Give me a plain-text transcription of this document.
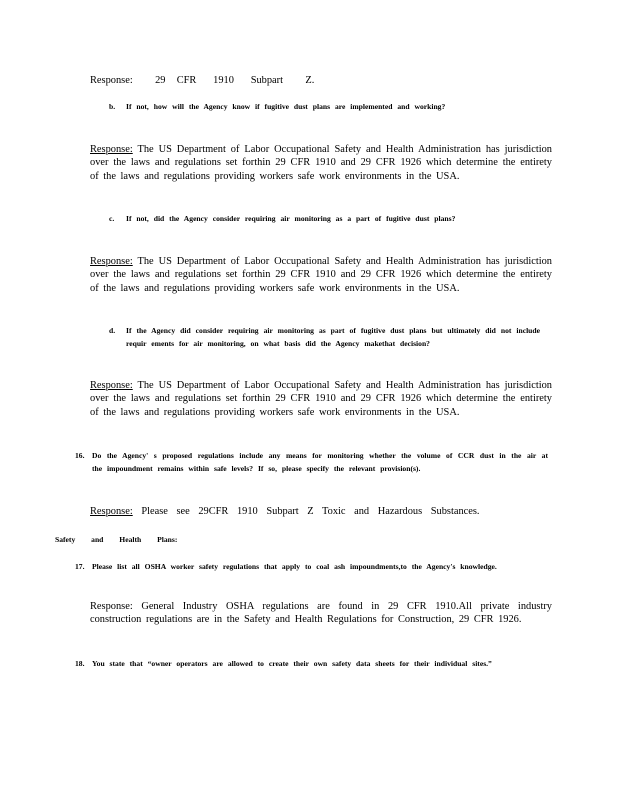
Response:    29  CFR   1910   Subpart    Z.

b. If not, how will the Agency know if fugitive dust plans are implemented and working?
Response: The US Department of Labor Occupational Safety and Health Administration has jurisdiction over the laws and regulations set forthin 29 CFR 1910 and 29 CFR 1926 which determine the entirety of the laws and regulations providing workers safe work environments in the USA.
c. If not, did the Agency consider requiring air monitoring as a part of fugitive dust plans?
Response: The US Department of Labor Occupational Safety and Health Administration has jurisdiction over the laws and regulations set forthin 29 CFR 1910 and 29 CFR 1926 which determine the entirety of the laws and regulations providing workers safe work environments in the USA.
d. If the Agency did consider requiring air monitoring as part of fugitive dust plans but ultimately did not include requir ements for air monitoring, on what basis did the Agency makethat decision?
Response: The US Department of Labor Occupational Safety and Health Administration has jurisdiction over the laws and regulations set forthin 29 CFR 1910 and 29 CFR 1926 which determine the entirety of the laws and regulations providing workers safe work environments in the USA.
16. Do the Agency' s proposed regulations include any means for monitoring whether the volume of CCR dust in the air at the impoundment remains within safe levels? If so, please specify the relevant provision(s).
Response: Please see 29CFR 1910 Subpart Z Toxic and Hazardous Substances.
Safety and Health Plans:
17. Please list all OSHA worker safety regulations that apply to coal ash impoundments,to the Agency's knowledge.

Response: General Industry OSHA regulations are found in 29 CFR 1910.All private industry construction regulations are in the Safety and Health Regulations for Construction, 29 CFR 1926.

18. You state that “owner operators are allowed to create their own safety data sheets for their individual sites.”
